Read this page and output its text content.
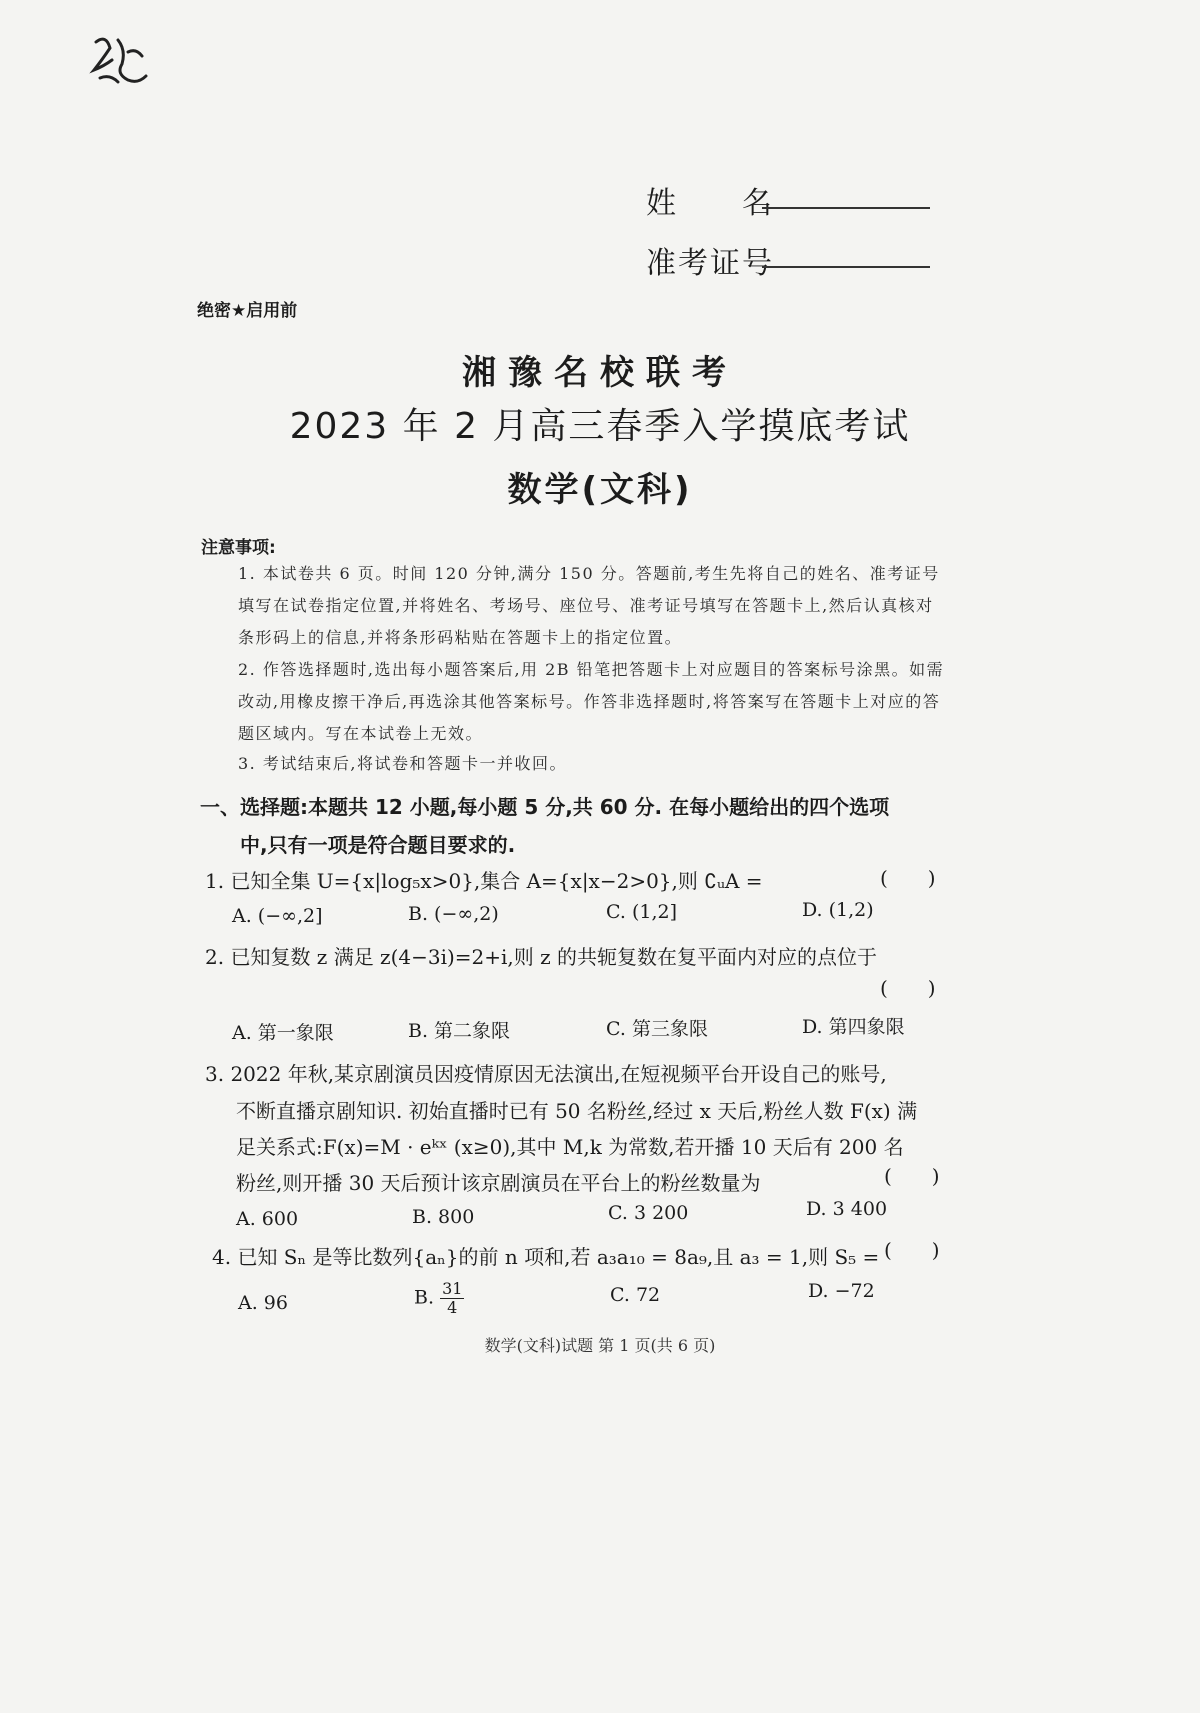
姓　　名
准考证号
绝密★启用前
湘豫名校联考
2023 年 2 月高三春季入学摸底考试
数学(文科)
注意事项:
1. 本试卷共 6 页。时间 120 分钟,满分 150 分。答题前,考生先将自己的姓名、准考证号填写在试卷指定位置,并将姓名、考场号、座位号、准考证号填写在答题卡上,然后认真核对条形码上的信息,并将条形码粘贴在答题卡上的指定位置。
2. 作答选择题时,选出每小题答案后,用 2B 铅笔把答题卡上对应题目的答案标号涂黑。如需改动,用橡皮擦干净后,再选涂其他答案标号。作答非选择题时,将答案写在答题卡上对应的答题区域内。写在本试卷上无效。
3. 考试结束后,将试卷和答题卡一并收回。
一、选择题:本题共 12 小题,每小题 5 分,共 60 分. 在每小题给出的四个选项
中,只有一项是符合题目要求的.
1. 已知全集 U={x|log₅x>0},集合 A={x|x−2>0},则 ∁ᵤA =	(　　)
A. (−∞,2]	B. (−∞,2)	C. (1,2]	D. (1,2)
2. 已知复数 z 满足 z(4−3i)=2+i,则 z 的共轭复数在复平面内对应的点位于
(　　)
A. 第一象限	B. 第二象限	C. 第三象限	D. 第四象限
3. 2022 年秋,某京剧演员因疫情原因无法演出,在短视频平台开设自己的账号,
不断直播京剧知识. 初始直播时已有 50 名粉丝,经过 x 天后,粉丝人数 F(x) 满
足关系式:F(x)=M · eᵏˣ (x≥0),其中 M,k 为常数,若开播 10 天后有 200 名
粉丝,则开播 30 天后预计该京剧演员在平台上的粉丝数量为	(　　)
A. 600	B. 800	C. 3 200	D. 3 400
4. 已知 Sₙ 是等比数列{aₙ}的前 n 项和,若 a₃a₁₀ = 8a₉,且 a₃ = 1,则 S₅ = (　　)
A. 96	B. $\frac{31}{4}$	C. 72	D. −72
数学(文科)试题 第 1 页(共 6 页)
